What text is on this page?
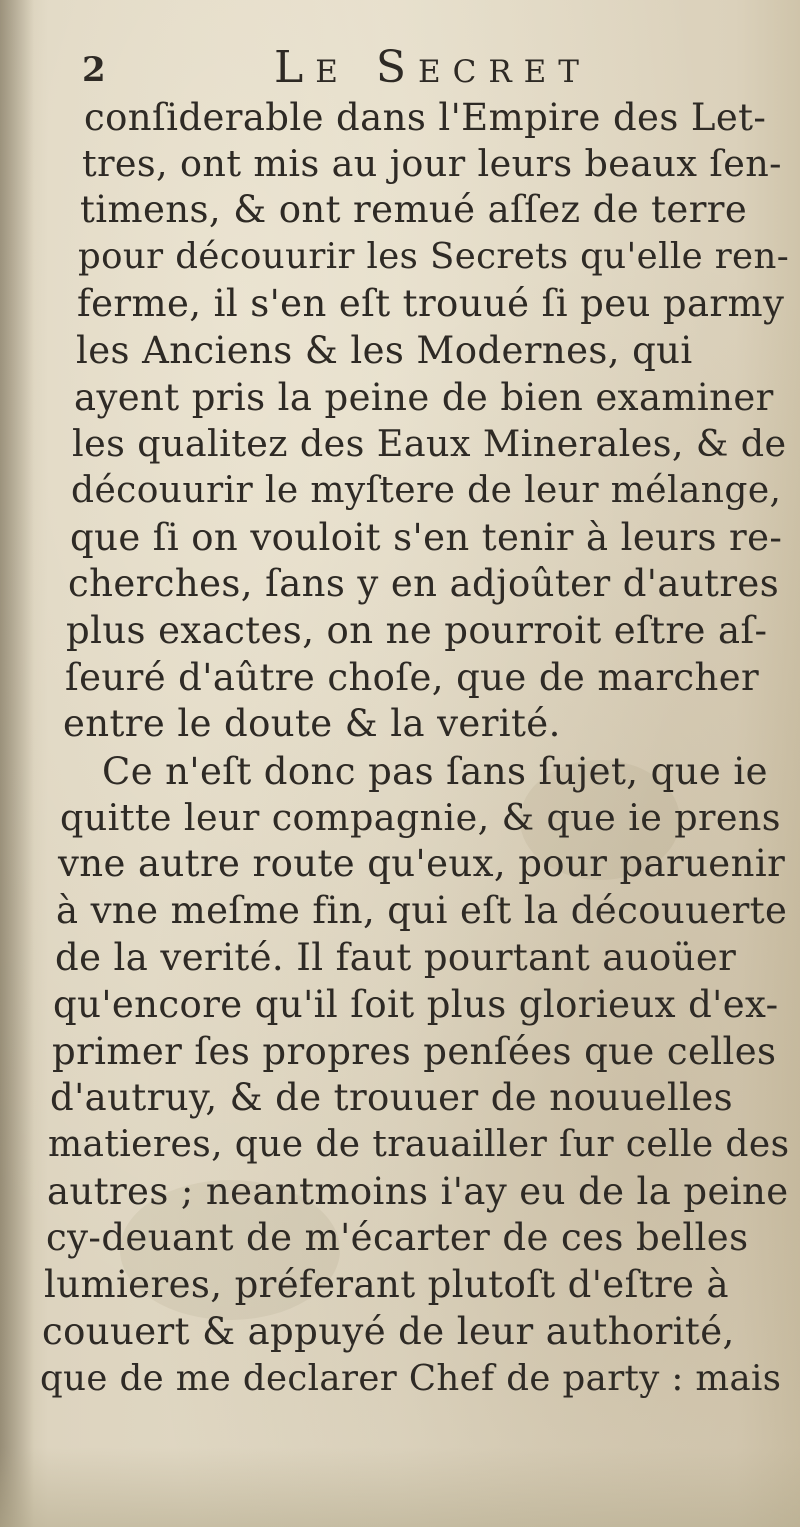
2	Le Secret
conſiderable dans l'Empire des Let-
tres, ont mis au jour leurs beaux ſen-
timens, & ont remué aſſez de terre
pour découurir les Secrets qu'elle ren-
ferme, il s'en eſt trouué ſi peu parmy
les Anciens & les Modernes, qui
ayent pris la peine de bien examiner
les qualitez des Eaux Minerales, & de
découurir le myſtere de leur mélange,
que ſi on vouloit s'en tenir à leurs re-
cherches, ſans y en adjoûter d'autres
plus exactes, on ne pourroit eſtre aſ-
ſeuré d'aûtre choſe, que de marcher
entre le doute & la verité.
Ce n'eſt donc pas ſans ſujet, que ie
quitte leur compagnie, & que ie prens
vne autre route qu'eux, pour paruenir
à vne meſme fin, qui eſt la découuerte
de la verité. Il faut pourtant auoüer
qu'encore qu'il ſoit plus glorieux d'ex-
primer ſes propres penſées que celles
d'autruy, & de trouuer de nouuelles
matieres, que de trauailler ſur celle des
autres ; neantmoins i'ay eu de la peine
cy-deuant de m'écarter de ces belles
lumieres, préferant plutoſt d'eſtre à
couuert & appuyé de leur authorité,
que de me declarer Chef de party : mais
